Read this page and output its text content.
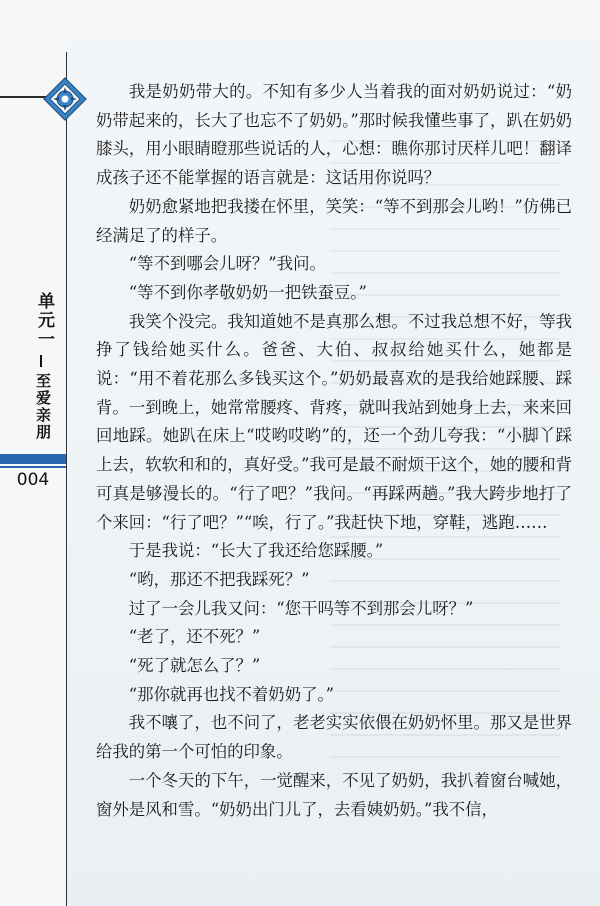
单元一
至爱亲朋
004

我是奶奶带大的。不知有多少人当着我的面对奶奶说过：“奶奶带起来的，长大了也忘不了奶奶。”那时候我懂些事了，趴在奶奶膝头，用小眼睛瞪那些说话的人，心想：瞧你那讨厌样儿吧！翻译成孩子还不能掌握的语言就是：这话用你说吗？

奶奶愈紧地把我搂在怀里，笑笑：“等不到那会儿哟！”仿佛已经满足了的样子。

“等不到哪会儿呀？”我问。

“等不到你孝敬奶奶一把铁蚕豆。”

我笑个没完。我知道她不是真那么想。不过我总想不好，等我挣了钱给她买什么。爸爸、大伯、叔叔给她买什么，她都是说：“用不着花那么多钱买这个。”奶奶最喜欢的是我给她踩腰、踩背。一到晚上，她常常腰疼、背疼，就叫我站到她身上去，来来回回地踩。她趴在床上“哎哟哎哟”的，还一个劲儿夸我：“小脚丫踩上去，软软和和的，真好受。”我可是最不耐烦干这个，她的腰和背可真是够漫长的。“行了吧？”我问。“再踩两趟。”我大跨步地打了个来回：“行了吧？”“唉，行了。”我赶快下地，穿鞋，逃跑……

于是我说：“长大了我还给您踩腰。”

“哟，那还不把我踩死？”

过了一会儿我又问：“您干吗等不到那会儿呀？”

“老了，还不死？”

“死了就怎么了？”

“那你就再也找不着奶奶了。”

我不嚷了，也不问了，老老实实依偎在奶奶怀里。那又是世界给我的第一个可怕的印象。

一个冬天的下午，一觉醒来，不见了奶奶，我扒着窗台喊她，窗外是风和雪。“奶奶出门儿了，去看姨奶奶。”我不信，
